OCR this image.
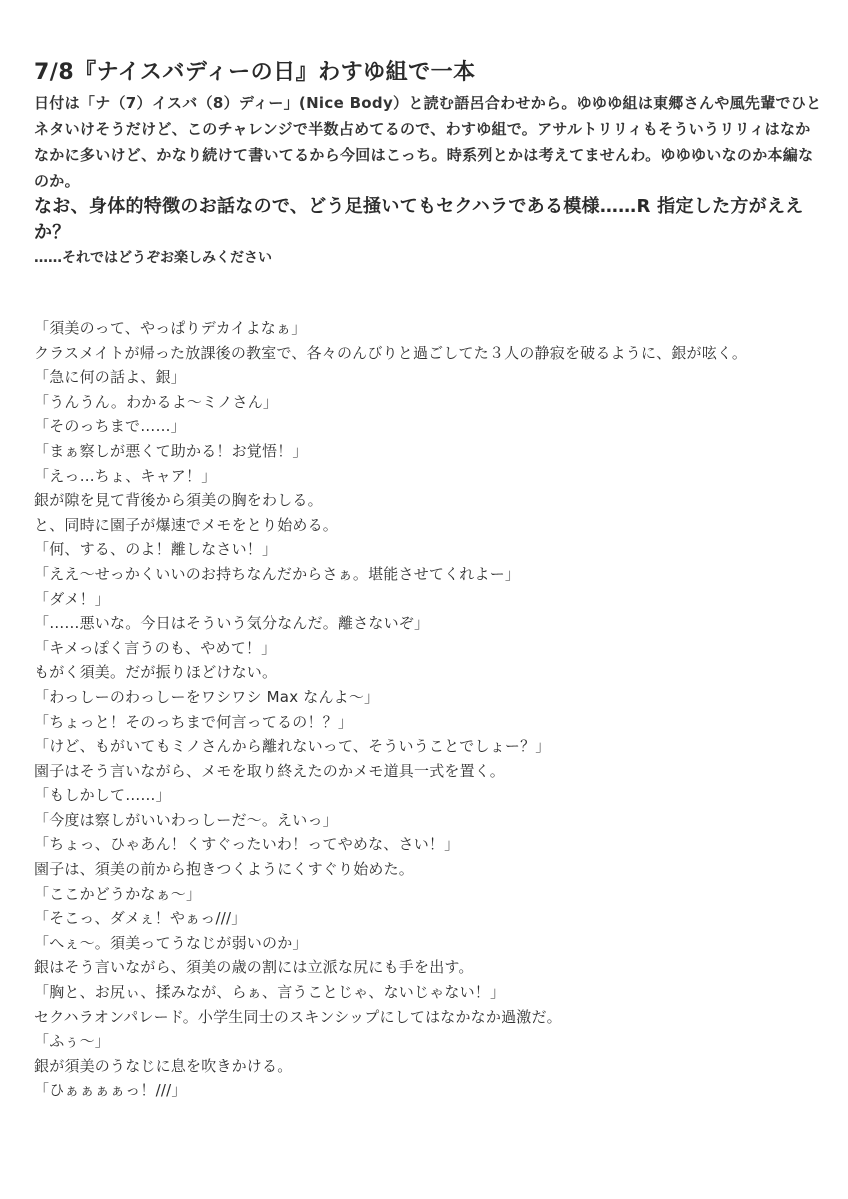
7/8『ナイスバディーの日』わすゆ組で一本

日付は「ナ（7）イスバ（8）ディー」(Nice Body）と読む語呂合わせから。ゆゆゆ組は東郷さんや風先輩でひとネタいけそうだけど、このチャレンジで半数占めてるので、わすゆ組で。アサルトリリィもそういうリリィはなかなかに多いけど、かなり続けて書いてるから今回はこっち。時系列とかは考えてませんわ。ゆゆゆいなのか本編なのか。

なお、身体的特徴のお話なので、どう足掻いてもセクハラである模様……R 指定した方がええか？

……それではどうぞお楽しみください

「須美のって、やっぱりデカイよなぁ」
クラスメイトが帰った放課後の教室で、各々のんびりと過ごしてた３人の静寂を破るように、銀が呟く。
「急に何の話よ、銀」
「うんうん。わかるよ〜ミノさん」
「そのっちまで……」
「まぁ察しが悪くて助かる！お覚悟！」
「えっ…ちょ、キャア！」
銀が隙を見て背後から須美の胸をわしる。
と、同時に園子が爆速でメモをとり始める。
「何、する、のよ！離しなさい！」
「ええ〜せっかくいいのお持ちなんだからさぁ。堪能させてくれよー」
「ダメ！」
「……悪いな。今日はそういう気分なんだ。離さないぞ」
「キメっぽく言うのも、やめて！」
もがく須美。だが振りほどけない。
「わっしーのわっしーをワシワシ Max なんよ〜」
「ちょっと！そのっちまで何言ってるの！？」
「けど、もがいてもミノさんから離れないって、そういうことでしょー？」
園子はそう言いながら、メモを取り終えたのかメモ道具一式を置く。
「もしかして……」
「今度は察しがいいわっしーだ〜。えいっ」
「ちょっ、ひゃあん！くすぐったいわ！ってやめな、さい！」
園子は、須美の前から抱きつくようにくすぐり始めた。
「ここかどうかなぁ〜」
「そこっ、ダメぇ！やぁっ///」
「へぇ〜。須美ってうなじが弱いのか」
銀はそう言いながら、須美の歳の割には立派な尻にも手を出す。
「胸と、お尻ぃ、揉みなが、らぁ、言うことじゃ、ないじゃない！」
セクハラオンパレード。小学生同士のスキンシップにしてはなかなか過激だ。
「ふぅ〜」
銀が須美のうなじに息を吹きかける。
「ひぁぁぁぁっ！///」
